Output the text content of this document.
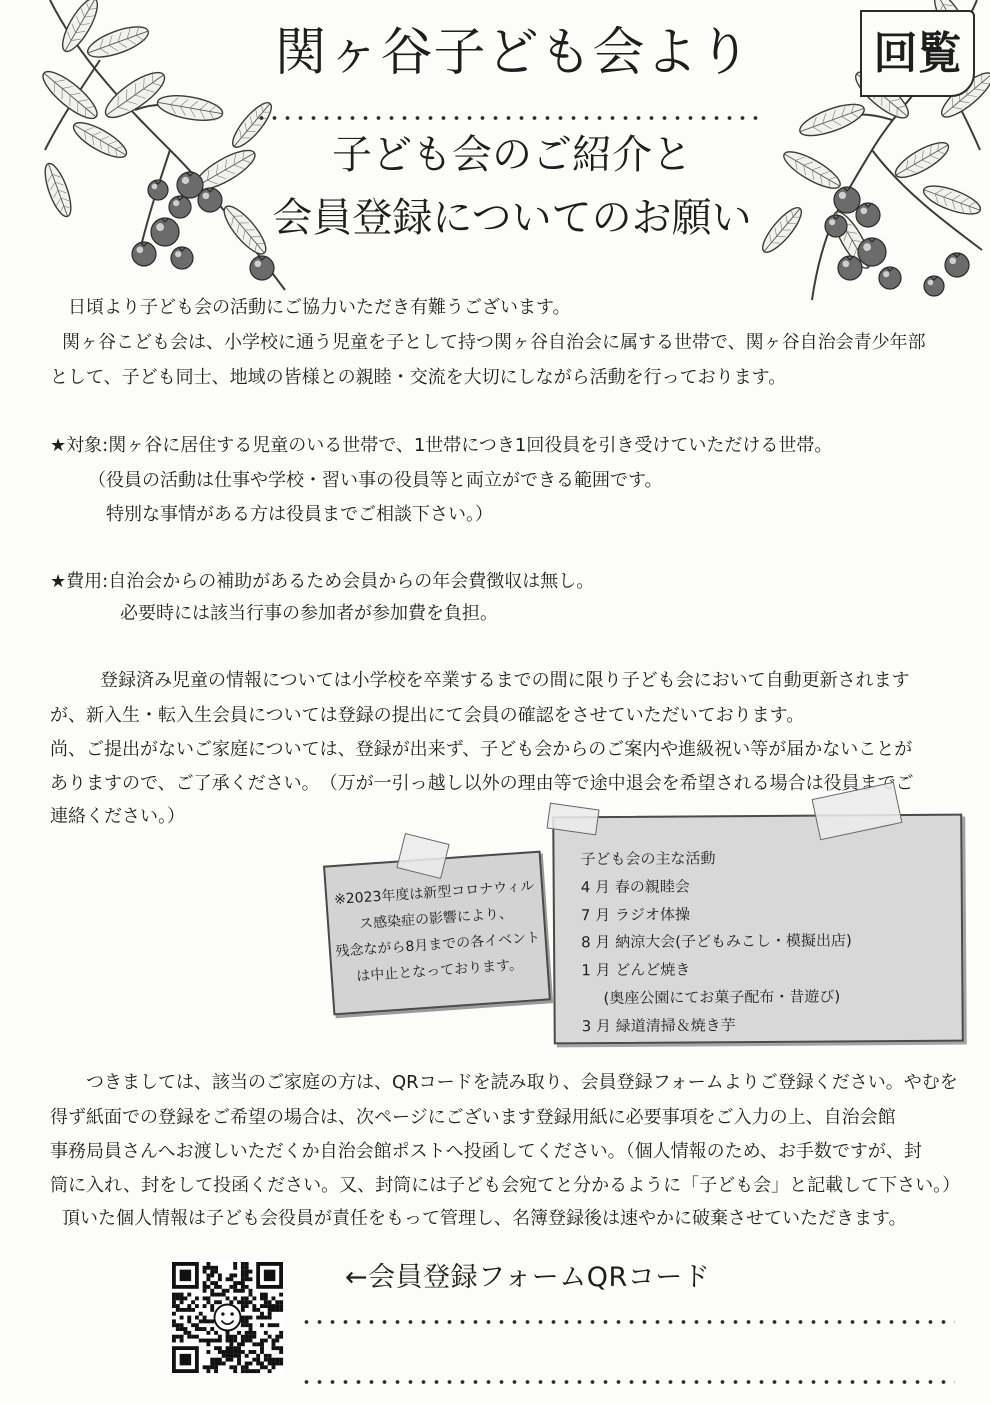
関ヶ谷子ども会より	回覧
子ども会のご紹介と
会員登録についてのお願い
日頃より子ども会の活動にご協力いただき有難うございます。
関ヶ谷こども会は、小学校に通う児童を子として持つ関ヶ谷自治会に属する世帯で、関ヶ谷自治会青少年部
として、子ども同士、地域の皆様との親睦・交流を大切にしながら活動を行っております。
★対象:関ヶ谷に居住する児童のいる世帯で、1世帯につき1回役員を引き受けていただける世帯。
（役員の活動は仕事や学校・習い事の役員等と両立ができる範囲です。
特別な事情がある方は役員までご相談下さい。）
★費用:自治会からの補助があるため会員からの年会費徴収は無し。
必要時には該当行事の参加者が参加費を負担。
登録済み児童の情報については小学校を卒業するまでの間に限り子ども会において自動更新されます
が、新入生・転入生会員については登録の提出にて会員の確認をさせていただいております。
尚、ご提出がないご家庭については、登録が出来ず、子ども会からのご案内や進級祝い等が届かないことが
ありますので、ご了承ください。　（万が一引っ越し以外の理由等で途中退会を希望される場合は役員までご
連絡ください。）
子ども会の主な活動
4 月 春の親睦会
7 月 ラジオ体操
8 月 納涼大会(子どもみこし・模擬出店)
1 月 どんど焼き
(奥座公園にてお菓子配布・昔遊び)
3 月 緑道清掃＆焼き芋
※2023年度は新型コロナウィル
ス感染症の影響により、
残念ながら8月までの各イベント
は中止となっております。
つきましては、該当のご家庭の方は、QRコードを読み取り、会員登録フォームよりご登録ください。やむを
得ず紙面での登録をご希望の場合は、次ページにございます登録用紙に必要事項をご入力の上、自治会館
事務局員さんへお渡しいただくか自治会館ポストへ投函してください。（個人情報のため、お手数ですが、封
筒に入れ、封をして投函ください。又、封筒には子ども会宛てと分かるように「子ども会」と記載して下さい。）
頂いた個人情報は子ども会役員が責任をもって管理し、名簿登録後は速やかに破棄させていただきます。
←会員登録フォームQRコード
